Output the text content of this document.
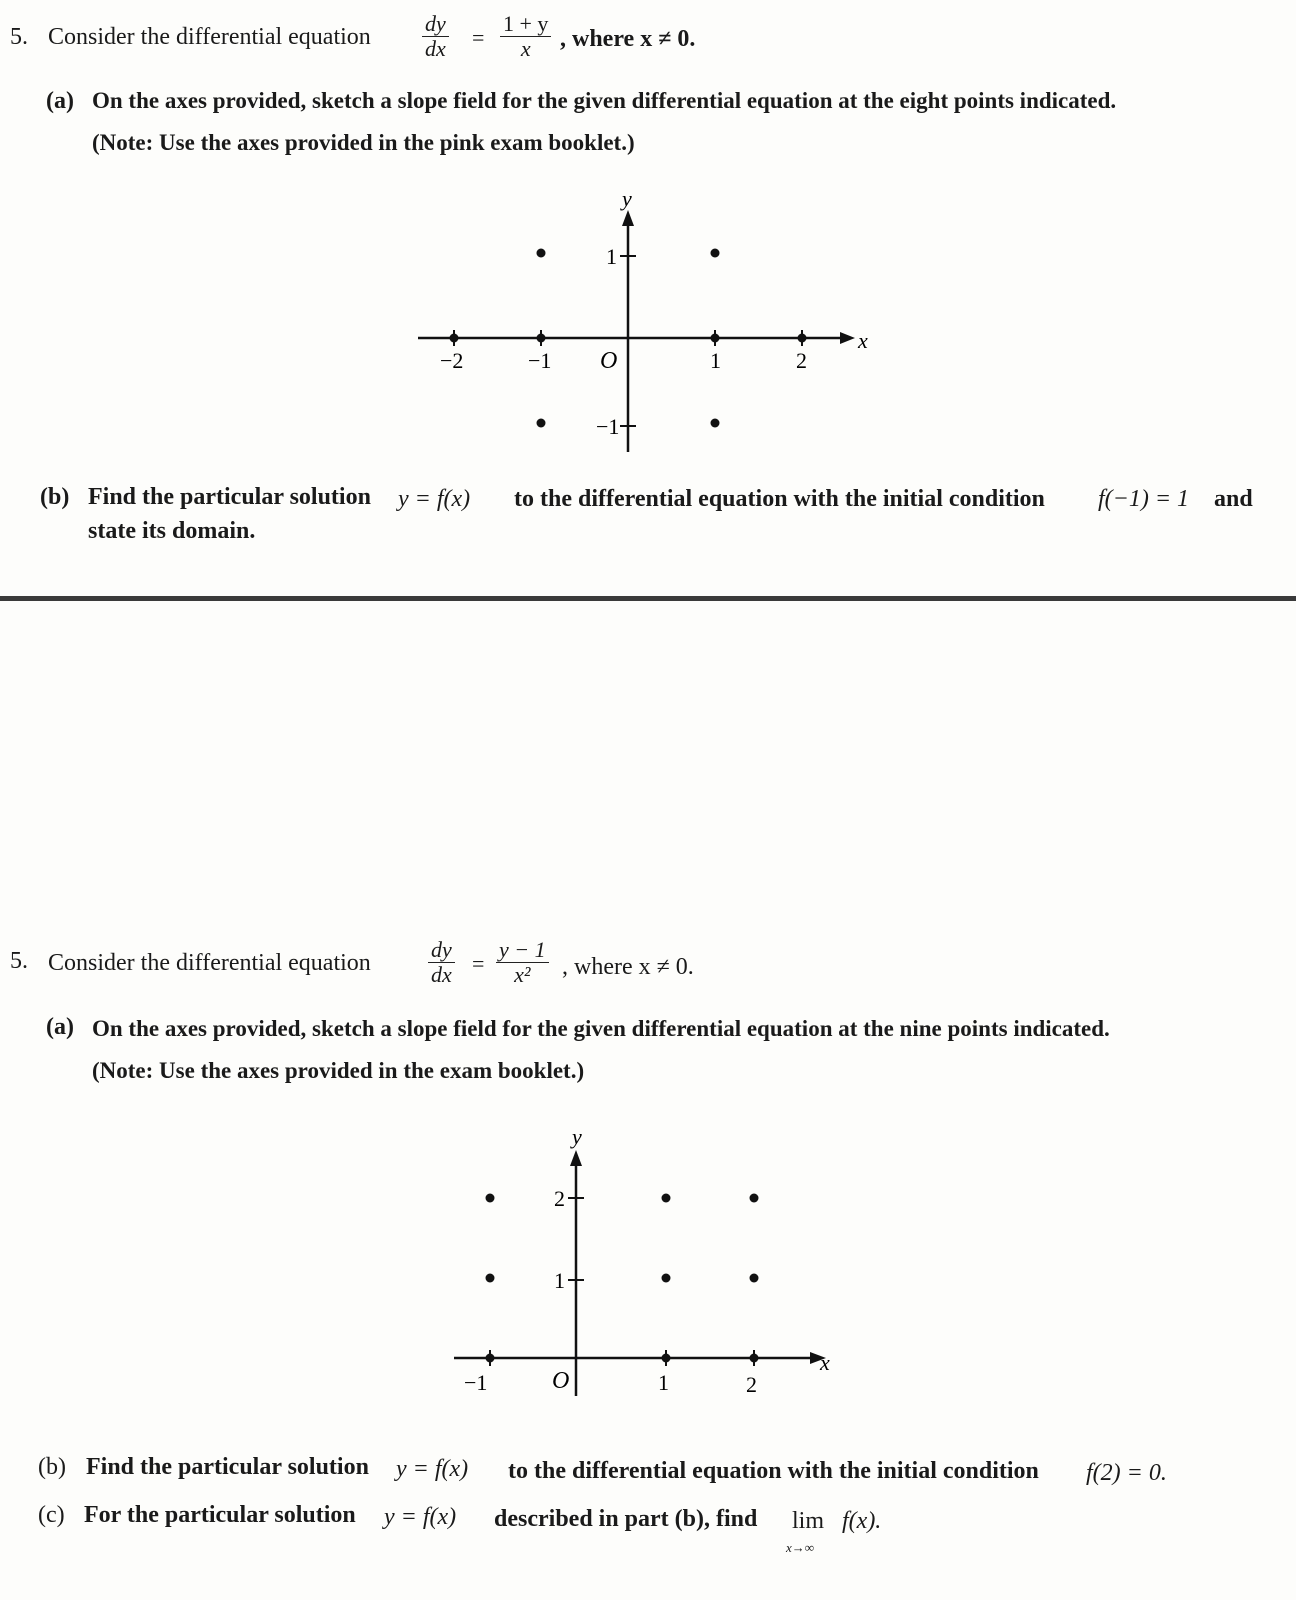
5. Consider the differential equation $\frac{dy}{dx} = \frac{1 + y}{x}$ , where x ≠ 0.
(a) On the axes provided, sketch a slope field for the given differential equation at the eight points indicated.
(Note: Use the axes provided in the pink exam booklet.)
x
y
O
−2	−1	1	2
1
−1
(b) Find the particular solution y = f(x) to the differential equation with the initial condition f(−1) = 1 and
state its domain.
5. Consider the differential equation	$\frac{dy}{dx} = \frac{y - 1}{\text{x²}}$ , where x ≠ 0.
(a) On the axes provided, sketch a slope field for the given differential equation at the nine points indicated.
(Note: Use the axes provided in the exam booklet.)
x
y
O
−1	1	2
2
1
(b) Find the particular solution y = f(x) to the differential equation with the initial condition f(2) = 0.
(c) For the particular solution y = f(x) described in part (b), find lim
x→∞
f(x).
